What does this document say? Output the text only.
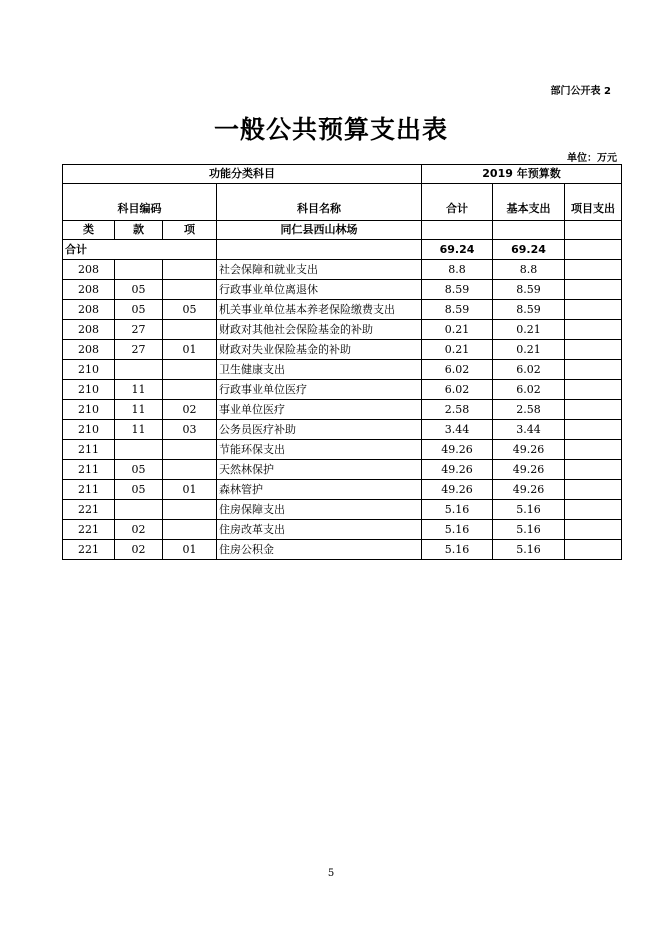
部门公开表 2
一般公共预算支出表
单位：万元
功能分类科目				2019 年预算数		
科目编码			科目名称	合计	基本支出	项目支出
类	款	项	同仁县西山林场			
合计				69.24	69.24	
208			社会保障和就业支出	8.8	8.8	
208	05		行政事业单位离退休	8.59	8.59	
208	05	05	机关事业单位基本养老保险缴费支出	8.59	8.59	
208	27		财政对其他社会保险基金的补助	0.21	0.21	
208	27	01	财政对失业保险基金的补助	0.21	0.21	
210			卫生健康支出	6.02	6.02	
210	11		行政事业单位医疗	6.02	6.02	
210	11	02	事业单位医疗	2.58	2.58	
210	11	03	公务员医疗补助	3.44	3.44	
211			节能环保支出	49.26	49.26	
211	05		天然林保护	49.26	49.26	
211	05	01	森林管护	49.26	49.26	
221			住房保障支出	5.16	5.16	
221	02		住房改革支出	5.16	5.16	
221	02	01	住房公积金	5.16	5.16	
5
